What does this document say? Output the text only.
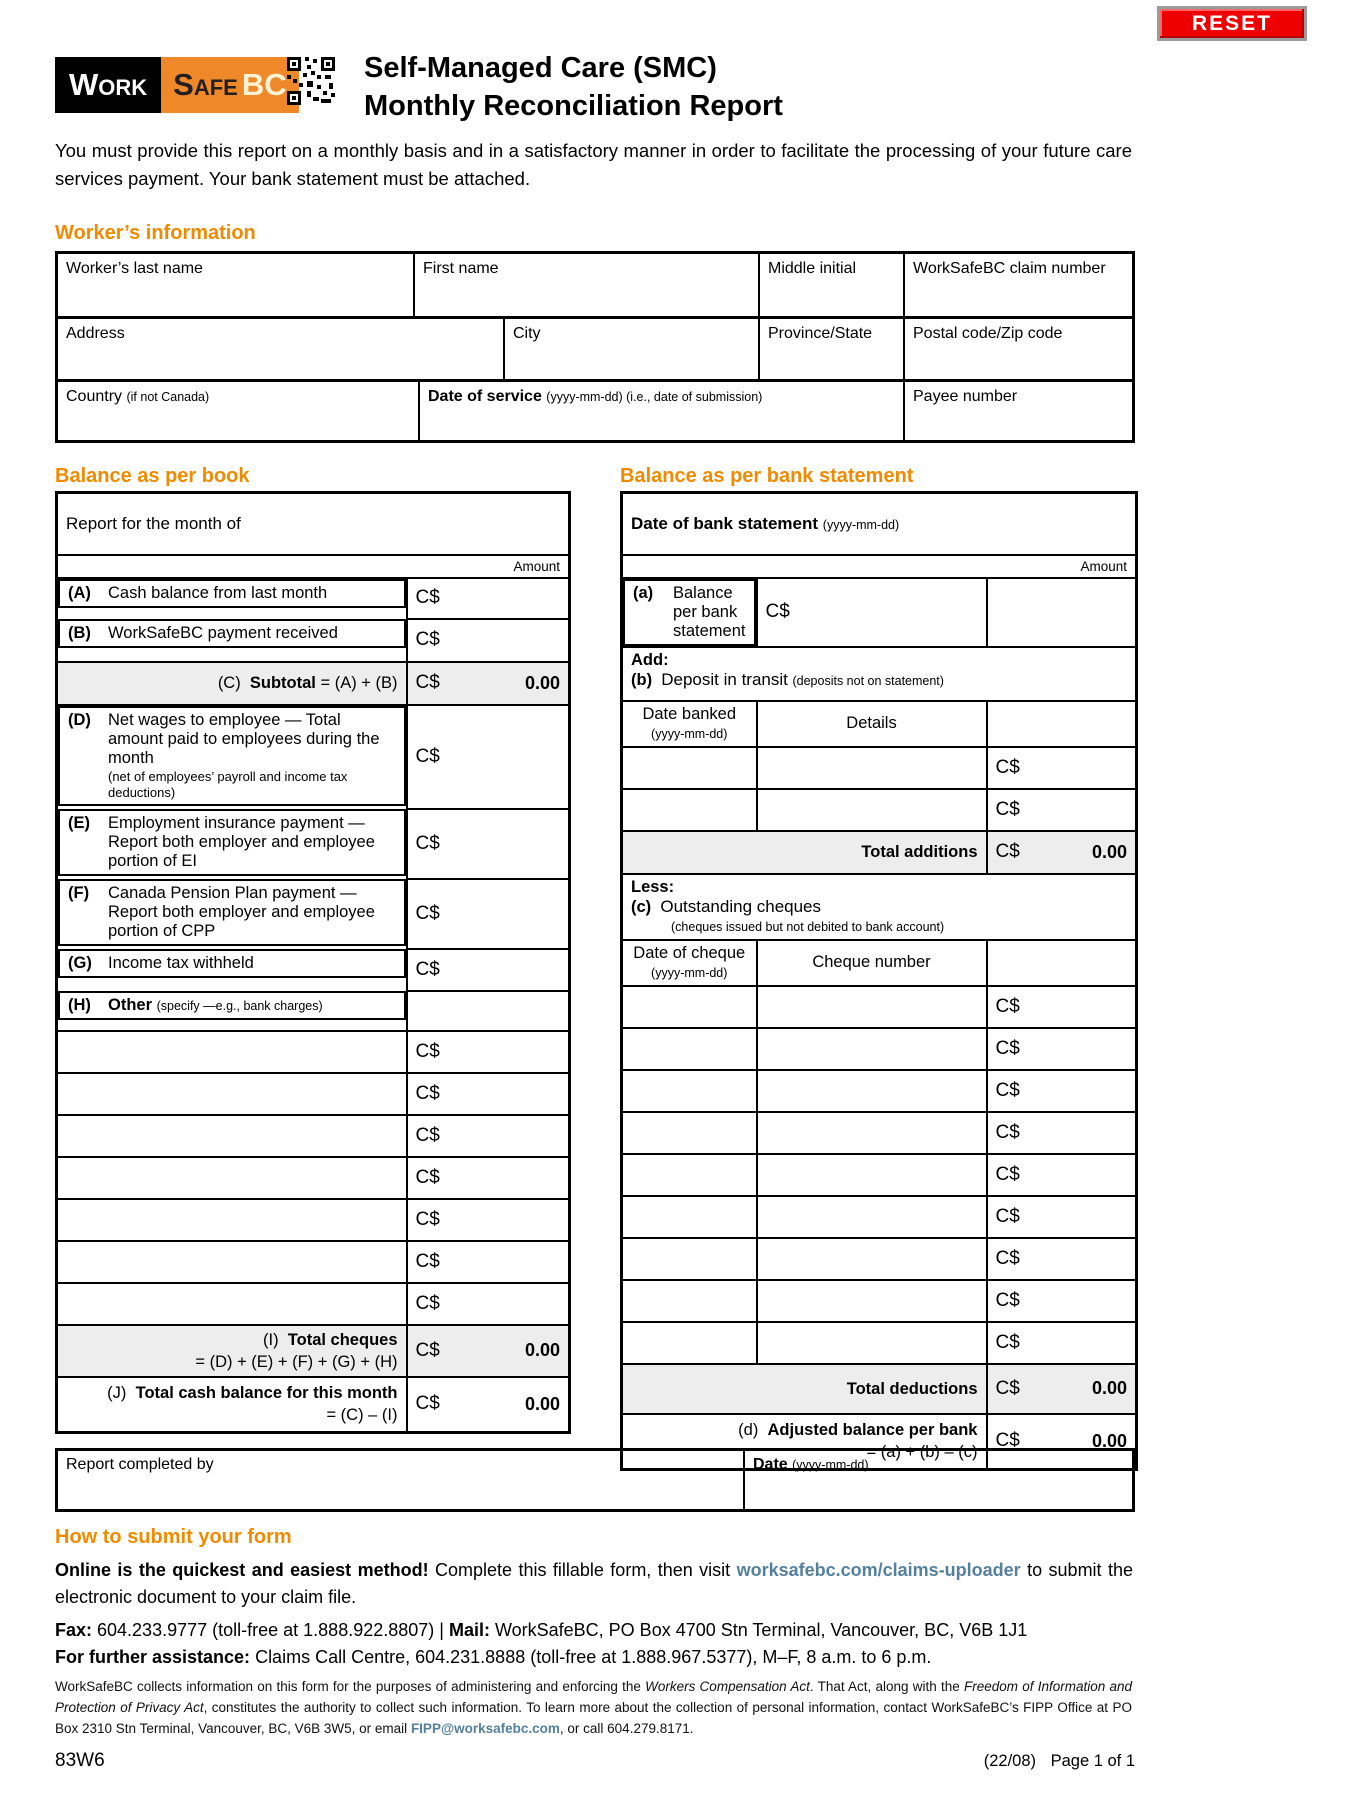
RESET
Work Safe BC	Self-Managed Care (SMC)
Monthly Reconciliation Report
You must provide this report on a monthly basis and in a satisfactory manner in order to facilitate the processing of your future care services payment. Your bank statement must be attached.
Worker’s information
Worker’s last name	First name	Middle initial	WorkSafeBC claim number
Address	City	Province/State	Postal code/Zip code
Country (if not Canada)	Date of service (yyyy-mm-dd) (i.e., date of submission)	Payee number
Balance as per book	Balance as per bank statement
Report for the month of	
Amount	

(A)	Cash balance from last month	C$

(B)	WorkSafeBC payment received	C$
(C) Subtotal = (A) + (B)	C$ 0.00

(D)	Net wages to employee — Total amount paid to employees during the month
(net of employees’ payroll and income tax deductions)
C$

(E)	Employment insurance payment — Report both employer and employee portion of EI
C$

(F)	Canada Pension Plan payment — Report both employer and employee portion of CPP
C$

(G) Income tax withheld	C$

(H)	Other (specify —e.g., bank charges)

	C$
	C$
	C$
	C$
	C$
	C$
	C$
(I) Total cheques
= (D) + (E) + (F) + (G) + (H)	C$ 0.00

(J) Total cash balance for this month
= (C) – (I)	C$ 0.00
Date of bank statement (yyyy-mm-dd)		
Amount		

(a)	Balance per bank statement
C$	
Add:
(b) Deposit in transit (deposits not on statement)		
Date banked
(yyyy-mm-dd)	Details	
		C$
		C$
Total additions		C$ 0.00

Less:
(c) Outstanding cheques
(cheques issued but not debited to bank account)		
Date of cheque
(yyyy-mm-dd)	Cheque number	
		C$
		C$
		C$
		C$
		C$
		C$
		C$
		C$
		C$
Total deductions		C$ 0.00

(d) Adjusted balance per bank
= (a) + (b) – (c)		C$ 0.00
Report completed by	Date (yyyy-mm-dd)
How to submit your form

Online is the quickest and easiest method! Complete this fillable form, then visit worksafebc.com/claims-uploader to submit the electronic document to your claim file.

Fax: 604.233.9777 (toll-free at 1.888.922.8807) | Mail: WorkSafeBC, PO Box 4700 Stn Terminal, Vancouver, BC, V6B 1J1
For further assistance: Claims Call Centre, 604.231.8888 (toll-free at 1.888.967.5377), M–F, 8 a.m. to 6 p.m.

WorkSafeBC collects information on this form for the purposes of administering and enforcing the Workers Compensation Act. That Act, along with the Freedom of Information and Protection of Privacy Act, constitutes the authority to collect such information. To learn more about the collection of personal information, contact WorkSafeBC’s FIPP Office at PO Box 2310 Stn Terminal, Vancouver, BC, V6B 3W5, or email FIPP@worksafebc.com, or call 604.279.8171.
83W6	(22/08) Page 1 of 1
